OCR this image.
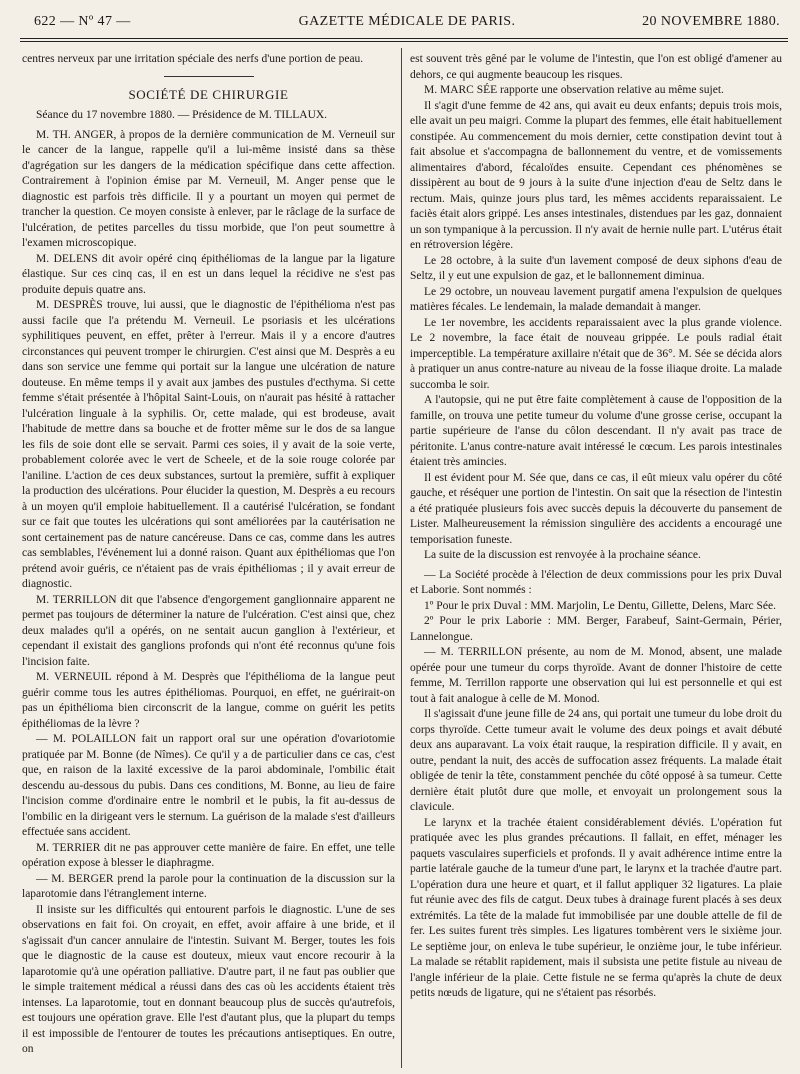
622 — Nº 47 —	GAZETTE MÉDICALE DE PARIS.	20 NOVEMBRE 1880.

centres nerveux par une irritation spéciale des nerfs d'une portion de peau.

SOCIÉTÉ DE CHIRURGIE

Séance du 17 novembre 1880. — Présidence de M. TILLAUX.

M. TH. ANGER, à propos de la dernière communication de M. Verneuil sur le cancer de la langue, rappelle qu'il a lui-même insisté dans sa thèse d'agrégation sur les dangers de la médication spécifique dans cette affection. Contrairement à l'opinion émise par M. Verneuil, M. Anger pense que le diagnostic est parfois très difficile. Il y a pourtant un moyen qui permet de trancher la question. Ce moyen consiste à enlever, par le râclage de la surface de l'ulcération, de petites parcelles du tissu morbide, que l'on peut soumettre à l'examen microscopique.

M. DELENS dit avoir opéré cinq épithéliomas de la langue par la ligature élastique. Sur ces cinq cas, il en est un dans lequel la récidive ne s'est pas produite depuis quatre ans.

M. DESPRÈS trouve, lui aussi, que le diagnostic de l'épithélioma n'est pas aussi facile que l'a prétendu M. Verneuil. Le psoriasis et les ulcérations syphilitiques peuvent, en effet, prêter à l'erreur. Mais il y a encore d'autres circonstances qui peuvent tromper le chirurgien. C'est ainsi que M. Desprès a eu dans son service une femme qui portait sur la langue une ulcération de nature douteuse. En même temps il y avait aux jambes des pustules d'ecthyma. Si cette femme s'était présentée à l'hôpital Saint-Louis, on n'aurait pas hésité à rattacher l'ulcération linguale à la syphilis. Or, cette malade, qui est brodeuse, avait l'habitude de mettre dans sa bouche et de frotter même sur le dos de sa langue les fils de soie dont elle se servait. Parmi ces soies, il y avait de la soie verte, probablement colorée avec le vert de Scheele, et de la soie rouge colorée par l'aniline. L'action de ces deux substances, surtout la première, suffit à expliquer la production des ulcérations. Pour élucider la question, M. Desprès a eu recours à un moyen qu'il emploie habituellement. Il a cautérisé l'ulcération, se fondant sur ce fait que toutes les ulcérations qui sont améliorées par la cautérisation ne sont certainement pas de nature cancéreuse. Dans ce cas, comme dans les autres cas semblables, l'événement lui a donné raison. Quant aux épithéliomas que l'on prétend avoir guéris, ce n'étaient pas de vrais épithéliomas ; il y avait erreur de diagnostic.

M. TERRILLON dit que l'absence d'engorgement ganglionnaire apparent ne permet pas toujours de déterminer la nature de l'ulcération. C'est ainsi que, chez deux malades qu'il a opérés, on ne sentait aucun ganglion à l'extérieur, et cependant il existait des ganglions profonds qui n'ont été reconnus qu'une fois l'incision faite.

M. VERNEUIL répond à M. Desprès que l'épithélioma de la langue peut guérir comme tous les autres épithéliomas. Pourquoi, en effet, ne guérirait-on pas un épithélioma bien circonscrit de la langue, comme on guérit les petits épithéliomas de la lèvre ?

— M. POLAILLON fait un rapport oral sur une opération d'ovariotomie pratiquée par M. Bonne (de Nîmes). Ce qu'il y a de particulier dans ce cas, c'est que, en raison de la laxité excessive de la paroi abdominale, l'ombilic était descendu au-dessous du pubis. Dans ces conditions, M. Bonne, au lieu de faire l'incision comme d'ordinaire entre le nombril et le pubis, la fit au-dessus de l'ombilic en la dirigeant vers le sternum. La guérison de la malade s'est d'ailleurs effectuée sans accident.

M. TERRIER dit ne pas approuver cette manière de faire. En effet, une telle opération expose à blesser le diaphragme.

— M. BERGER prend la parole pour la continuation de la discussion sur la laparotomie dans l'étranglement interne.

Il insiste sur les difficultés qui entourent parfois le diagnostic. L'une de ses observations en fait foi. On croyait, en effet, avoir affaire à une bride, et il s'agissait d'un cancer annulaire de l'intestin. Suivant M. Berger, toutes les fois que le diagnostic de la cause est douteux, mieux vaut encore recourir à la laparotomie qu'à une opération palliative. D'autre part, il ne faut pas oublier que le simple traitement médical a réussi dans des cas où les accidents étaient très intenses. La laparotomie, tout en donnant beaucoup plus de succès qu'autrefois, est toujours une opération grave. Elle l'est d'autant plus, que la plupart du temps il est impossible de l'entourer de toutes les précautions antiseptiques. En outre, on

est souvent très gêné par le volume de l'intestin, que l'on est obligé d'amener au dehors, ce qui augmente beaucoup les risques.

M. MARC SÉE rapporte une observation relative au même sujet.

Il s'agit d'une femme de 42 ans, qui avait eu deux enfants; depuis trois mois, elle avait un peu maigri. Comme la plupart des femmes, elle était habituellement constipée. Au commencement du mois dernier, cette constipation devint tout à fait absolue et s'accompagna de ballonnement du ventre, et de vomissements alimentaires d'abord, fécaloïdes ensuite. Cependant ces phénomènes se dissipèrent au bout de 9 jours à la suite d'une injection d'eau de Seltz dans le rectum. Mais, quinze jours plus tard, les mêmes accidents reparaissaient. Le faciès était alors grippé. Les anses intestinales, distendues par les gaz, donnaient un son tympanique à la percussion. Il n'y avait de hernie nulle part. L'utérus était en rétroversion légère.

Le 28 octobre, à la suite d'un lavement composé de deux siphons d'eau de Seltz, il y eut une expulsion de gaz, et le ballonnement diminua.

Le 29 octobre, un nouveau lavement purgatif amena l'expulsion de quelques matières fécales. Le lendemain, la malade demandait à manger.

Le 1er novembre, les accidents reparaissaient avec la plus grande violence. Le 2 novembre, la face était de nouveau grippée. Le pouls radial était imperceptible. La température axillaire n'était que de 36°. M. Sée se décida alors à pratiquer un anus contre-nature au niveau de la fosse iliaque droite. La malade succomba le soir.

A l'autopsie, qui ne put être faite complètement à cause de l'opposition de la famille, on trouva une petite tumeur du volume d'une grosse cerise, occupant la partie supérieure de l'anse du côlon descendant. Il n'y avait pas trace de péritonite. L'anus contre-nature avait intéressé le cœcum. Les parois intestinales étaient très amincies.

Il est évident pour M. Sée que, dans ce cas, il eût mieux valu opérer du côté gauche, et réséquer une portion de l'intestin. On sait que la résection de l'intestin a été pratiquée plusieurs fois avec succès depuis la découverte du pansement de Lister. Malheureusement la rémission singulière des accidents a encouragé une temporisation funeste.

La suite de la discussion est renvoyée à la prochaine séance.

— La Société procède à l'élection de deux commissions pour les prix Duval et Laborie. Sont nommés :

1º Pour le prix Duval : MM. Marjolin, Le Dentu, Gillette, Delens, Marc Sée.

2º Pour le prix Laborie : MM. Berger, Farabeuf, Saint-Germain, Périer, Lannelongue.

— M. TERRILLON présente, au nom de M. Monod, absent, une malade opérée pour une tumeur du corps thyroïde. Avant de donner l'histoire de cette femme, M. Terrillon rapporte une observation qui lui est personnelle et qui est tout à fait analogue à celle de M. Monod.

Il s'agissait d'une jeune fille de 24 ans, qui portait une tumeur du lobe droit du corps thyroïde. Cette tumeur avait le volume des deux poings et avait débuté deux ans auparavant. La voix était rauque, la respiration difficile. Il y avait, en outre, pendant la nuit, des accès de suffocation assez fréquents. La malade était obligée de tenir la tête, constamment penchée du côté opposé à sa tumeur. Cette dernière était plutôt dure que molle, et envoyait un prolongement sous la clavicule.

Le larynx et la trachée étaient considérablement déviés. L'opération fut pratiquée avec les plus grandes précautions. Il fallait, en effet, ménager les paquets vasculaires superficiels et profonds. Il y avait adhérence intime entre la partie latérale gauche de la tumeur d'une part, le larynx et la trachée d'autre part. L'opération dura une heure et quart, et il fallut appliquer 32 ligatures. La plaie fut réunie avec des fils de catgut. Deux tubes à drainage furent placés à ses deux extrémités. La tête de la malade fut immobilisée par une double attelle de fil de fer. Les suites furent très simples. Les ligatures tombèrent vers le sixième jour. Le septième jour, on enleva le tube supérieur, le onzième jour, le tube inférieur. La malade se rétablit rapidement, mais il subsista une petite fistule au niveau de l'angle inférieur de la plaie. Cette fistule ne se ferma qu'après la chute de deux petits nœuds de ligature, qui ne s'étaient pas résorbés.
